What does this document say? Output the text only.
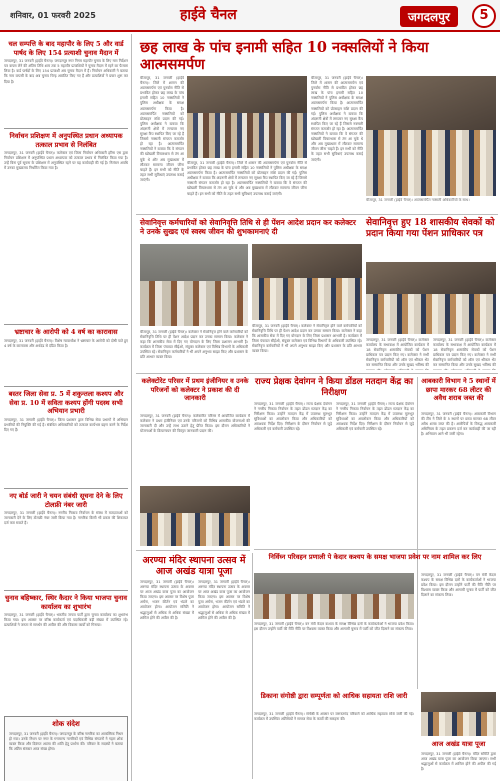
शनिवार, 01 फरवरी 2025	हाईवे चैनल	जगदलपुर	5
चल सम्पत्ति के बाद महापौर के लिए 5 और वार्ड पार्षद के लिए 154 प्रत्याशी चुनाव मैदान में
जगदलपुर, 31 जनवरी (हाईवे चैनल)। जगदलपुर नगर निगम महापौर चुनाव के लिए नाम निर्देशन पत्र वापस लेने की अंतिम तिथि शाम तक 5 महापौर प्रत्याशियों ने चुनाव मैदान में रहने का फैसला लिया है। वार्ड पार्षदों के लिए 154 प्रत्याशी अब चुनाव मैदान में हैं। निर्वाचन अधिकारी ने बताया कि नाम वापसी के बाद अब चुनाव चिन्ह आवंटित किए गए हैं और प्रत्याशियों ने प्रचार शुरू कर दिया है।
निर्वाचन प्रशिक्षण में अनुपस्थित प्रधान अध्यापक तत्काल प्रभाव से निलंबित
जगदलपुर, 31 जनवरी (हाईवे चैनल)। कलेक्टर एवं जिला निर्वाचन अधिकारी हरिस एस द्वारा निर्वाचन प्रशिक्षण में अनुपस्थित प्रधान अध्यापक को तत्काल प्रभाव से निलंबित किया गया है। उन्हें बिना पूर्व सूचना के प्रशिक्षण में अनुपस्थित रहने पर यह कार्यवाही की गई है। निलंबन अवधि में उनका मुख्यालय निर्धारित किया गया है।
भ्रष्टाचार के आरोपी को 4 वर्ष का कारावास
जगदलपुर, 31 जनवरी (हाईवे चैनल)। विशेष न्यायाधीश ने भ्रष्टाचार के आरोपी को दोषी पाते हुए 4 वर्ष के कारावास और अर्थदंड से दंडित किया है।
बस्तर जिला सेवा प्र. 5 में शकुन्तला कश्यप और सेवा प्र. 10 में सविता कश्यप होंगी पदस्थ सभी अभियान प्रभारी
जगदलपुर, 31 जनवरी (हाईवे चैनल)। जिला प्रशासन द्वारा विभिन्न सेवा प्रभागों में अभियान प्रभारियों की नियुक्ति की गई है। संबंधित अधिकारियों को तत्काल कार्यभार ग्रहण करने के निर्देश दिए गए हैं।
नए बोर्ड जारी ने चयन संबंधी सूचना देने के लिए टोलफ्री नंबर जारी
जगदलपुर, 31 जनवरी (हाईवे चैनल)। नगरीय निकाय निर्वाचन के संबंध में मतदाताओं को जानकारी देने के लिए टोलफ्री नंबर जारी किया गया है। नागरिक किसी भी प्रकार की शिकायत दर्ज करा सकते हैं।
चुनाव बहिष्कार, स्थिर कैदार ने किया भाजपा चुनाव कार्यालय का शुभारंभ
जगदलपुर, 31 जनवरी (हाईवे चैनल)। भारतीय जनता पार्टी द्वारा चुनाव कार्यालय का शुभारंभ किया गया। इस अवसर पर वरिष्ठ कार्यकर्ता एवं पदाधिकारी बड़ी संख्या में उपस्थित रहे। प्रत्याशियों ने जनता से समर्थन की अपील की और विकास कार्यों को गिनाया।
शोक संदेश
जगदलपुर, 31 जनवरी (हाईवे चैनल)। जगदलपुर के वरिष्ठ नागरिक का आकस्मिक निधन हो गया। उनके निधन पर नगर के गणमान्य नागरिकों एवं विभिन्न संगठनों ने गहरा शोक व्यक्त किया और दिवंगत आत्मा की शांति हेतु प्रार्थना की। परिवार के सदस्यों ने बताया कि अंतिम संस्कार आज संपन्न होगा।
छह लाख के पांच इनामी सहित 10 नक्सलियों ने किया आत्मसमर्पण
बीजापुर, 31 जनवरी (हाईवे चैनल)। जिले में शासन की आत्मसमर्पण एवं पुनर्वास नीति से प्रभावित होकर छह लाख के पांच इनामी सहित 10 नक्सलियों ने पुलिस अधीक्षक के समक्ष आत्मसमर्पण किया है। आत्मसमर्पित नक्सलियों को प्रोत्साहन राशि प्रदान की गई। पुलिस अधीक्षक ने बताया कि अंदरूनी क्षेत्रों में लगातार नए सुरक्षा कैंप स्थापित किए जा रहे हैं जिससे नक्सली संगठन कमजोर हो रहा है। आत्मसमर्पित नक्सलियों ने बताया कि वे संगठन की खोखली विचारधारा से तंग आ चुके थे और अब मुख्यधारा में लौटकर सामान्य जीवन जीना चाहते हैं। इन सभी को नीति के तहत सभी सुविधाएं उपलब्ध कराई जाएंगी।
बीजापुर, 31 जनवरी (हाईवे चैनल)। जिले में शासन की आत्मसमर्पण एवं पुनर्वास नीति से प्रभावित होकर छह लाख के पांच इनामी सहित 10 नक्सलियों ने पुलिस अधीक्षक के समक्ष आत्मसमर्पण किया है। आत्मसमर्पित नक्सलियों को प्रोत्साहन राशि प्रदान की गई। पुलिस अधीक्षक ने बताया कि अंदरूनी क्षेत्रों में लगातार नए सुरक्षा कैंप स्थापित किए जा रहे हैं जिससे नक्सली संगठन कमजोर हो रहा है। आत्मसमर्पित नक्सलियों ने बताया कि वे संगठन की खोखली विचारधारा से तंग आ चुके थे और अब मुख्यधारा में लौटकर सामान्य जीवन जीना चाहते हैं। इन सभी को नीति के तहत सभी सुविधाएं उपलब्ध कराई जाएंगी।
बीजापुर, 31 जनवरी (हाईवे चैनल)। जिले में शासन की आत्मसमर्पण एवं पुनर्वास नीति से प्रभावित होकर छह लाख के पांच इनामी सहित 10 नक्सलियों ने पुलिस अधीक्षक के समक्ष आत्मसमर्पण किया है। आत्मसमर्पित नक्सलियों को प्रोत्साहन राशि प्रदान की गई। पुलिस अधीक्षक ने बताया कि अंदरूनी क्षेत्रों में लगातार नए सुरक्षा कैंप स्थापित किए जा रहे हैं जिससे नक्सली संगठन कमजोर हो रहा है। आत्मसमर्पित नक्सलियों ने बताया कि वे संगठन की खोखली विचारधारा से तंग आ चुके थे और अब मुख्यधारा में लौटकर सामान्य जीवन जीना चाहते हैं। इन सभी को नीति के तहत सभी सुविधाएं उपलब्ध कराई जाएंगी।
बीजापुर, 31 जनवरी (हाईवे चैनल)। आत्मसमर्पित नक्सली अधिकारियों के साथ।
सेवानिवृत्त कर्मचारियों को सेवानिवृत्ति तिथि से ही पेंशन आदेश प्रदान कर कलेक्टर ने उनके सुखद एवं स्वस्थ जीवन की शुभकामनाएं दी
बीजापुर, 31 जनवरी (हाईवे चैनल)। कलेक्टर ने सेवानिवृत्त होने वाले कर्मचारियों को सेवानिवृत्ति तिथि पर ही पेंशन आदेश प्रदान कर उनका सम्मान किया। कलेक्टर ने कहा कि शासकीय सेवा में दिए गए योगदान के लिए जिला प्रशासन आभारी है। कार्यक्रम में जिला पंचायत सीईओ, संयुक्त कलेक्टर एवं विभिन्न विभागों के अधिकारी उपस्थित रहे। सेवानिवृत्त कर्मचारियों ने भी अपने अनुभव साझा किए और प्रशासन के प्रति आभार व्यक्त किया।
बीजापुर, 31 जनवरी (हाईवे चैनल)। कलेक्टर ने सेवानिवृत्त होने वाले कर्मचारियों को सेवानिवृत्ति तिथि पर ही पेंशन आदेश प्रदान कर उनका सम्मान किया। कलेक्टर ने कहा कि शासकीय सेवा में दिए गए योगदान के लिए जिला प्रशासन आभारी है। कार्यक्रम में जिला पंचायत सीईओ, संयुक्त कलेक्टर एवं विभिन्न विभागों के अधिकारी उपस्थित रहे। सेवानिवृत्त कर्मचारियों ने भी अपने अनुभव साझा किए और प्रशासन के प्रति आभार व्यक्त किया।
सेवानिवृत्त हुए 18 शासकीय सेवकों को प्रदान किया गया पेंशन प्राधिकार पत्र
जगदलपुर, 31 जनवरी (हाईवे चैनल)। कलेक्टर कार्यालय के सभाकक्ष में आयोजित कार्यक्रम में 18 सेवानिवृत्त शासकीय सेवकों को पेंशन प्राधिकार पत्र प्रदान किए गए। कलेक्टर ने सभी सेवानिवृत्त कर्मचारियों को शॉल एवं श्रीफल भेंट कर सम्मानित किया और उनके सुखद भविष्य की
जगदलपुर, 31 जनवरी (हाईवे चैनल)। कलेक्टर कार्यालय के सभाकक्ष में आयोजित कार्यक्रम में 18 सेवानिवृत्त शासकीय सेवकों को पेंशन प्राधिकार पत्र प्रदान किए गए। कलेक्टर ने सभी सेवानिवृत्त कर्मचारियों को शॉल एवं श्रीफल भेंट कर सम्मानित किया और उनके सुखद भविष्य की
कलेक्टोरेट परिसर में प्रथम इंजीनियर व उनके परिजनों को कलेक्टर ने प्रकाश की दी जानकारी
जगदलपुर, 31 जनवरी (हाईवे चैनल)। कलेक्टोरेट परिसर में आयोजित कार्यक्रम में कलेक्टर ने प्रथम इंजीनियर एवं उनके परिजनों को विभिन्न शासकीय योजनाओं की जानकारी दी और उन्हें लाभ उठाने हेतु प्रेरित किया। इस दौरान अधिकारियों ने योजनाओं के क्रियान्वयन की विस्तृत जानकारी प्रदान की।
राज्य प्रेक्षक देवांगन ने किया डोंडल मतदान केंद्र का निरीक्षण
जगदलपुर, 31 जनवरी (हाईवे चैनल)। राज्य प्रेक्षक देवांगन ने नगरीय निकाय निर्वाचन के तहत डोंडल मतदान केंद्र का निरीक्षण किया। उन्होंने मतदान केंद्र में उपलब्ध मूलभूत सुविधाओं का अवलोकन किया और अधिकारियों को आवश्यक निर्देश दिए। निरीक्षण के दौरान निर्वाचन से जुड़े अधिकारी एवं कर्मचारी उपस्थित रहे।
जगदलपुर, 31 जनवरी (हाईवे चैनल)। राज्य प्रेक्षक देवांगन ने नगरीय निकाय निर्वाचन के तहत डोंडल मतदान केंद्र का निरीक्षण किया। उन्होंने मतदान केंद्र में उपलब्ध मूलभूत सुविधाओं का अवलोकन किया और अधिकारियों को आवश्यक निर्देश दिए। निरीक्षण के दौरान निर्वाचन से जुड़े अधिकारी एवं कर्मचारी उपस्थित रहे।
आबकारी विभाग ने 5 स्थानों में छापा मारकर 68 लीटर की अवैध शराब जब्त की
जगदलपुर, 31 जनवरी (हाईवे चैनल)। आबकारी विभाग की टीम ने जिले के 5 स्थानों पर छापा मारकर 68 लीटर अवैध शराब जब्त की है। आरोपियों के विरुद्ध आबकारी अधिनियम के तहत प्रकरण दर्ज कर कार्यवाही की जा रही है। अभियान आगे भी जारी रहेगा।
निर्विघ्न परिवहन प्रणाली पे केदार कश्यप के समक्ष भाजपा प्रवेश पर नाम शामिल कर लिए
जगदलपुर, 31 जनवरी (हाईवे चैनल)। वन मंत्री केदार कश्यप के समक्ष विभिन्न दलों के कार्यकर्ताओं ने भाजपा प्रवेश किया। इस दौरान उन्होंने पार्टी की रीति नीति पर विश्वास व्यक्त किया और आगामी चुनाव में पार्टी को जीत दिलाने का संकल्प लिया।
जगदलपुर, 31 जनवरी (हाईवे चैनल)। वन मंत्री केदार कश्यप के समक्ष विभिन्न दलों के कार्यकर्ताओं ने भाजपा प्रवेश किया। इस दौरान उन्होंने पार्टी की रीति नीति पर विश्वास व्यक्त किया और आगामी चुनाव में पार्टी को जीत दिलाने का संकल्प लिया।
अरण्या मंदिर स्थापना उत्सव में आज अखंड यात्रा पूजा
जगदलपुर, 31 जनवरी (हाईवे चैनल)। अरण्या मंदिर स्थापना उत्सव के अवसर पर आज अखंड यात्रा पूजा का आयोजन किया जाएगा। इस अवसर पर विशेष पूजा अर्चना, भजन कीर्तन एवं भंडारे का आयोजन होगा। आयोजन समिति ने श्रद्धालुओं से अधिक से अधिक संख्या में शामिल होने की अपील की है।
जगदलपुर, 31 जनवरी (हाईवे चैनल)। अरण्या मंदिर स्थापना उत्सव के अवसर पर आज अखंड यात्रा पूजा का आयोजन किया जाएगा। इस अवसर पर विशेष पूजा अर्चना, भजन कीर्तन एवं भंडारे का आयोजन होगा। आयोजन समिति ने श्रद्धालुओं से अधिक से अधिक संख्या में शामिल होने की अपील की है।
डिकाना संगोष्ठी द्वारा सम्पूर्णता को आधिक सहायता राशि जारी
जगदलपुर, 31 जनवरी (हाईवे चैनल)। संगोष्ठी के अवसर पर जरूरतमंद परिवारों को आर्थिक सहायता राशि जारी की गई। कार्यक्रम में उपस्थित अतिथियों ने समाज सेवा के कार्यों की सराहना की।
आज अखंड यात्रा पूजा
जगदलपुर, 31 जनवरी (हाईवे चैनल)। मंदिर समिति द्वारा आज अखंड यात्रा पूजा का आयोजन किया जाएगा। सभी श्रद्धालुओं से कार्यक्रम में शामिल होने की अपील की गई है।
